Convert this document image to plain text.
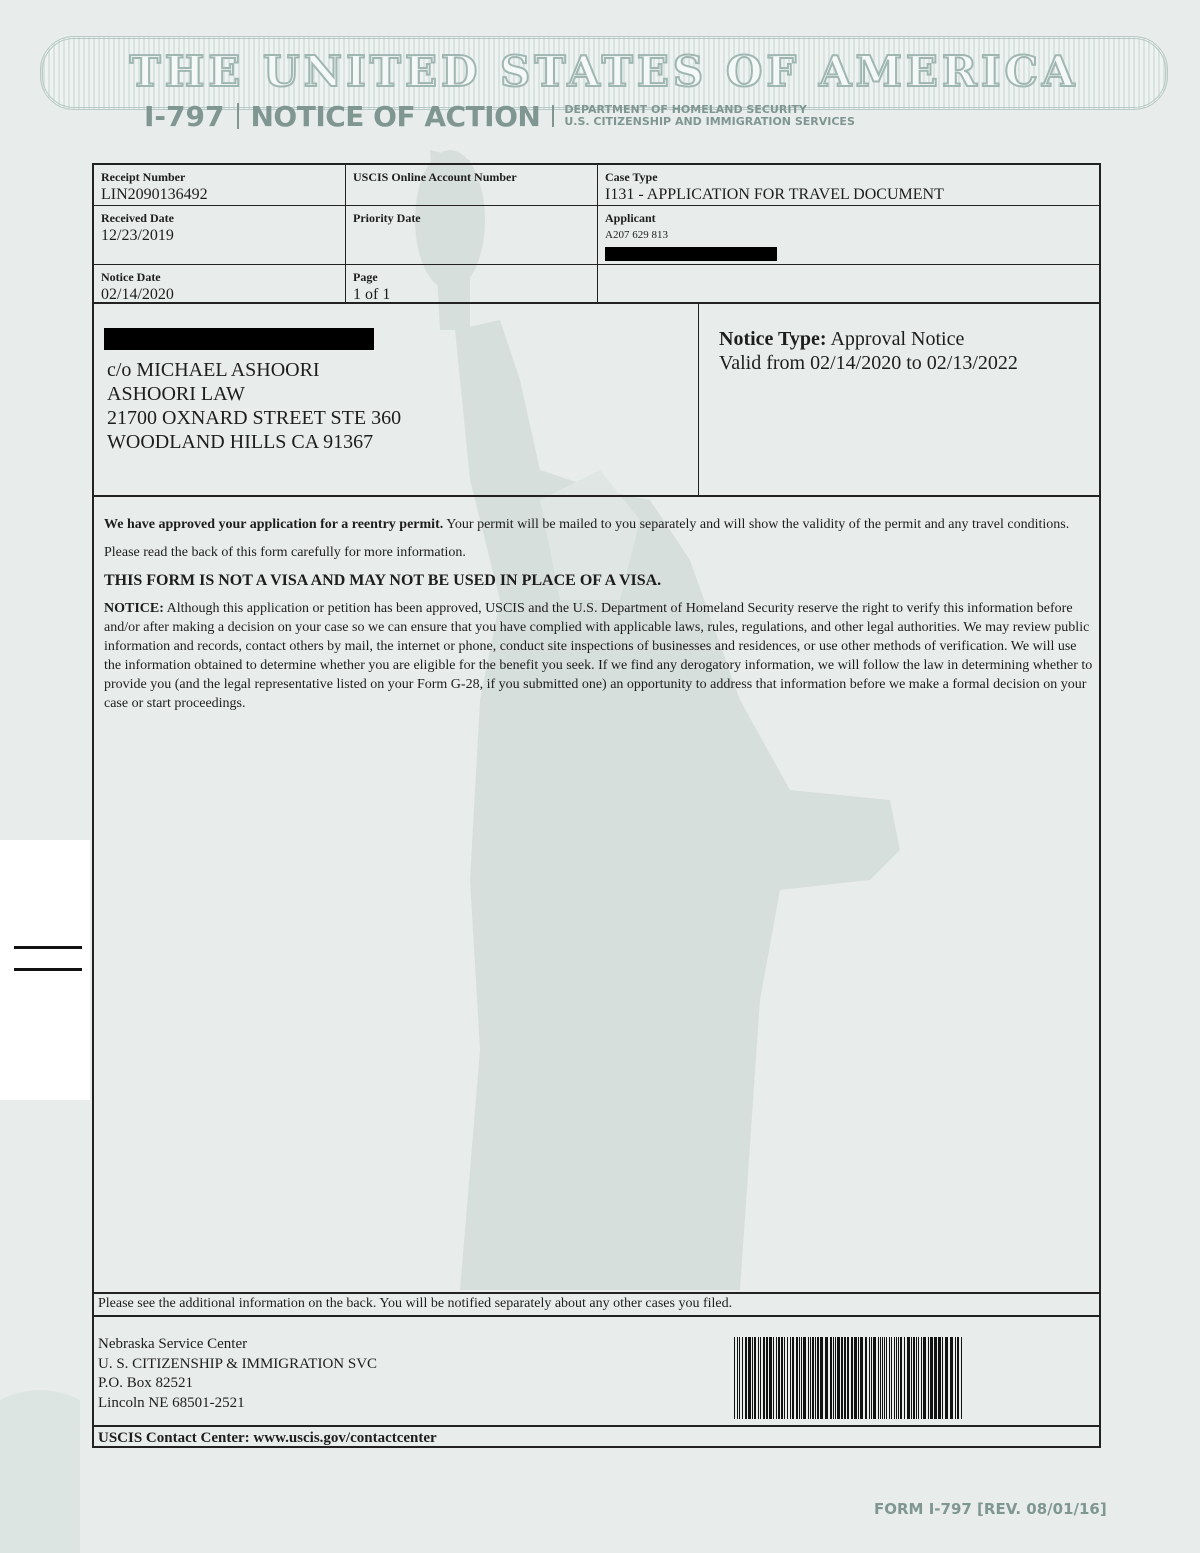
THE UNITED STATES OF AMERICA
I-797 NOTICE OF ACTION DEPARTMENT OF HOMELAND SECURITY
U.S. CITIZENSHIP AND IMMIGRATION SERVICES
Receipt Number
LIN2090136492
USCIS Online Account Number	Case Type
I131 - APPLICATION FOR TRAVEL DOCUMENT
Received Date
12/23/2019
Priority Date	Applicant
A207 629 813
Notice Date
02/14/2020
Page
1 of 1
c/o MICHAEL ASHOORI
ASHOORI LAW
21700 OXNARD STREET STE 360
WOODLAND HILLS CA 91367
Notice Type: Approval Notice
Valid from 02/14/2020 to 02/13/2022

We have approved your application for a reentry permit. Your permit will be mailed to you separately and will show the validity of the permit and any travel conditions.

Please read the back of this form carefully for more information.

THIS FORM IS NOT A VISA AND MAY NOT BE USED IN PLACE OF A VISA.

NOTICE: Although this application or petition has been approved, USCIS and the U.S. Department of Homeland Security reserve the right to verify this information before and/or after making a decision on your case so we can ensure that you have complied with applicable laws, rules, regulations, and other legal authorities. We may review public information and records, contact others by mail, the internet or phone, conduct site inspections of businesses and residences, or use other methods of verification. We will use the information obtained to determine whether you are eligible for the benefit you seek. If we find any derogatory information, we will follow the law in determining whether to provide you (and the legal representative listed on your Form G-28, if you submitted one) an opportunity to address that information before we make a formal decision on your case or start proceedings.

Please see the additional information on the back. You will be notified separately about any other cases you filed.
Nebraska Service Center
U. S. CITIZENSHIP & IMMIGRATION SVC
P.O. Box 82521
Lincoln NE 68501-2521
USCIS Contact Center: www.uscis.gov/contactcenter
FORM I-797 [REV. 08/01/16]
